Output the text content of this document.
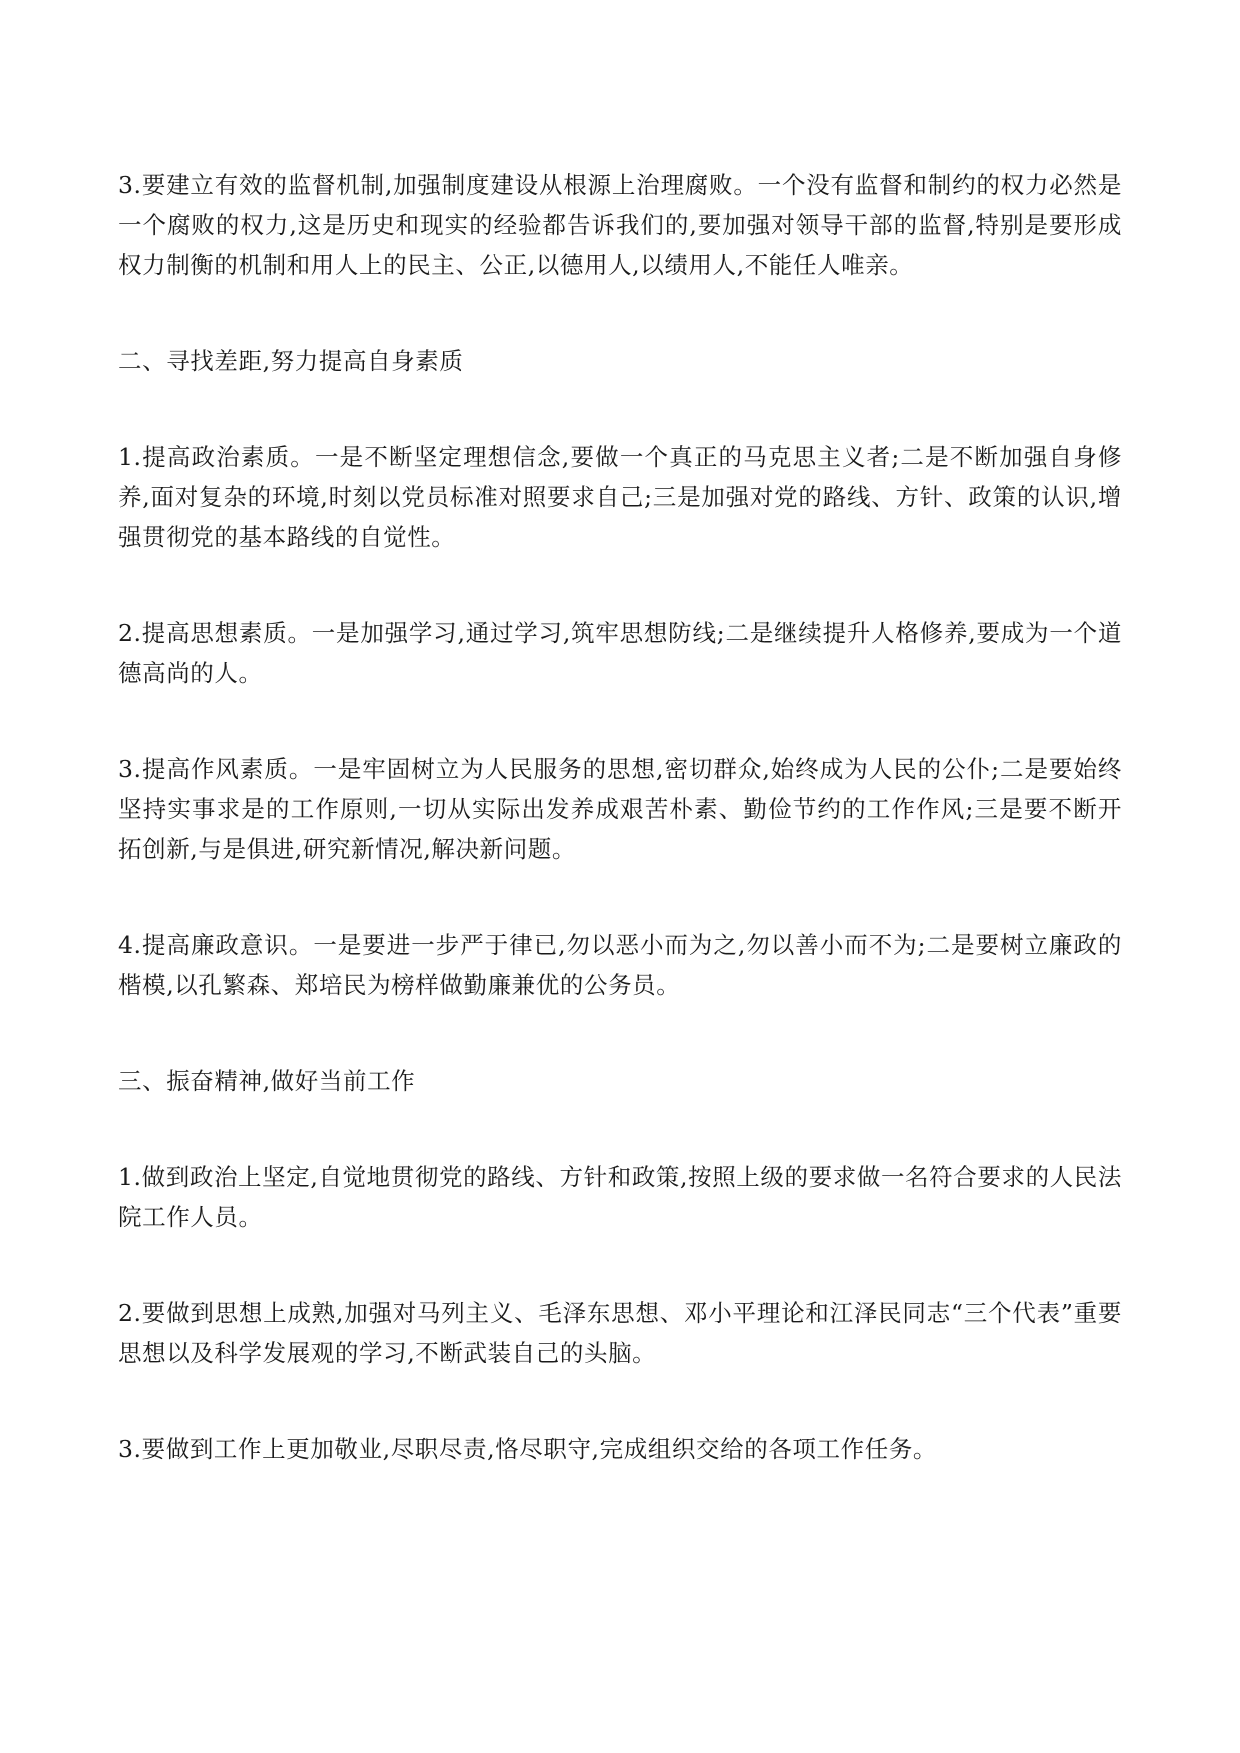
3.要建立有效的监督机制,加强制度建设从根源上治理腐败。一个没有监督和制约的权力必然是一个腐败的权力,这是历史和现实的经验都告诉我们的,要加强对领导干部的监督,特别是要形成权力制衡的机制和用人上的民主、公正,以德用人,以绩用人,不能任人唯亲。

二、寻找差距,努力提高自身素质

1.提高政治素质。一是不断坚定理想信念,要做一个真正的马克思主义者;二是不断加强自身修养,面对复杂的环境,时刻以党员标准对照要求自己;三是加强对党的路线、方针、政策的认识,增强贯彻党的基本路线的自觉性。

2.提高思想素质。一是加强学习,通过学习,筑牢思想防线;二是继续提升人格修养,要成为一个道德高尚的人。

3.提高作风素质。一是牢固树立为人民服务的思想,密切群众,始终成为人民的公仆;二是要始终坚持实事求是的工作原则,一切从实际出发养成艰苦朴素、勤俭节约的工作作风;三是要不断开拓创新,与是俱进,研究新情况,解决新问题。

4.提高廉政意识。一是要进一步严于律已,勿以恶小而为之,勿以善小而不为;二是要树立廉政的楷模,以孔繁森、郑培民为榜样做勤廉兼优的公务员。

三、振奋精神,做好当前工作

1.做到政治上坚定,自觉地贯彻党的路线、方针和政策,按照上级的要求做一名符合要求的人民法院工作人员。

2.要做到思想上成熟,加强对马列主义、毛泽东思想、邓小平理论和江泽民同志“三个代表”重要思想以及科学发展观的学习,不断武装自己的头脑。

3.要做到工作上更加敬业,尽职尽责,恪尽职守,完成组织交给的各项工作任务。
